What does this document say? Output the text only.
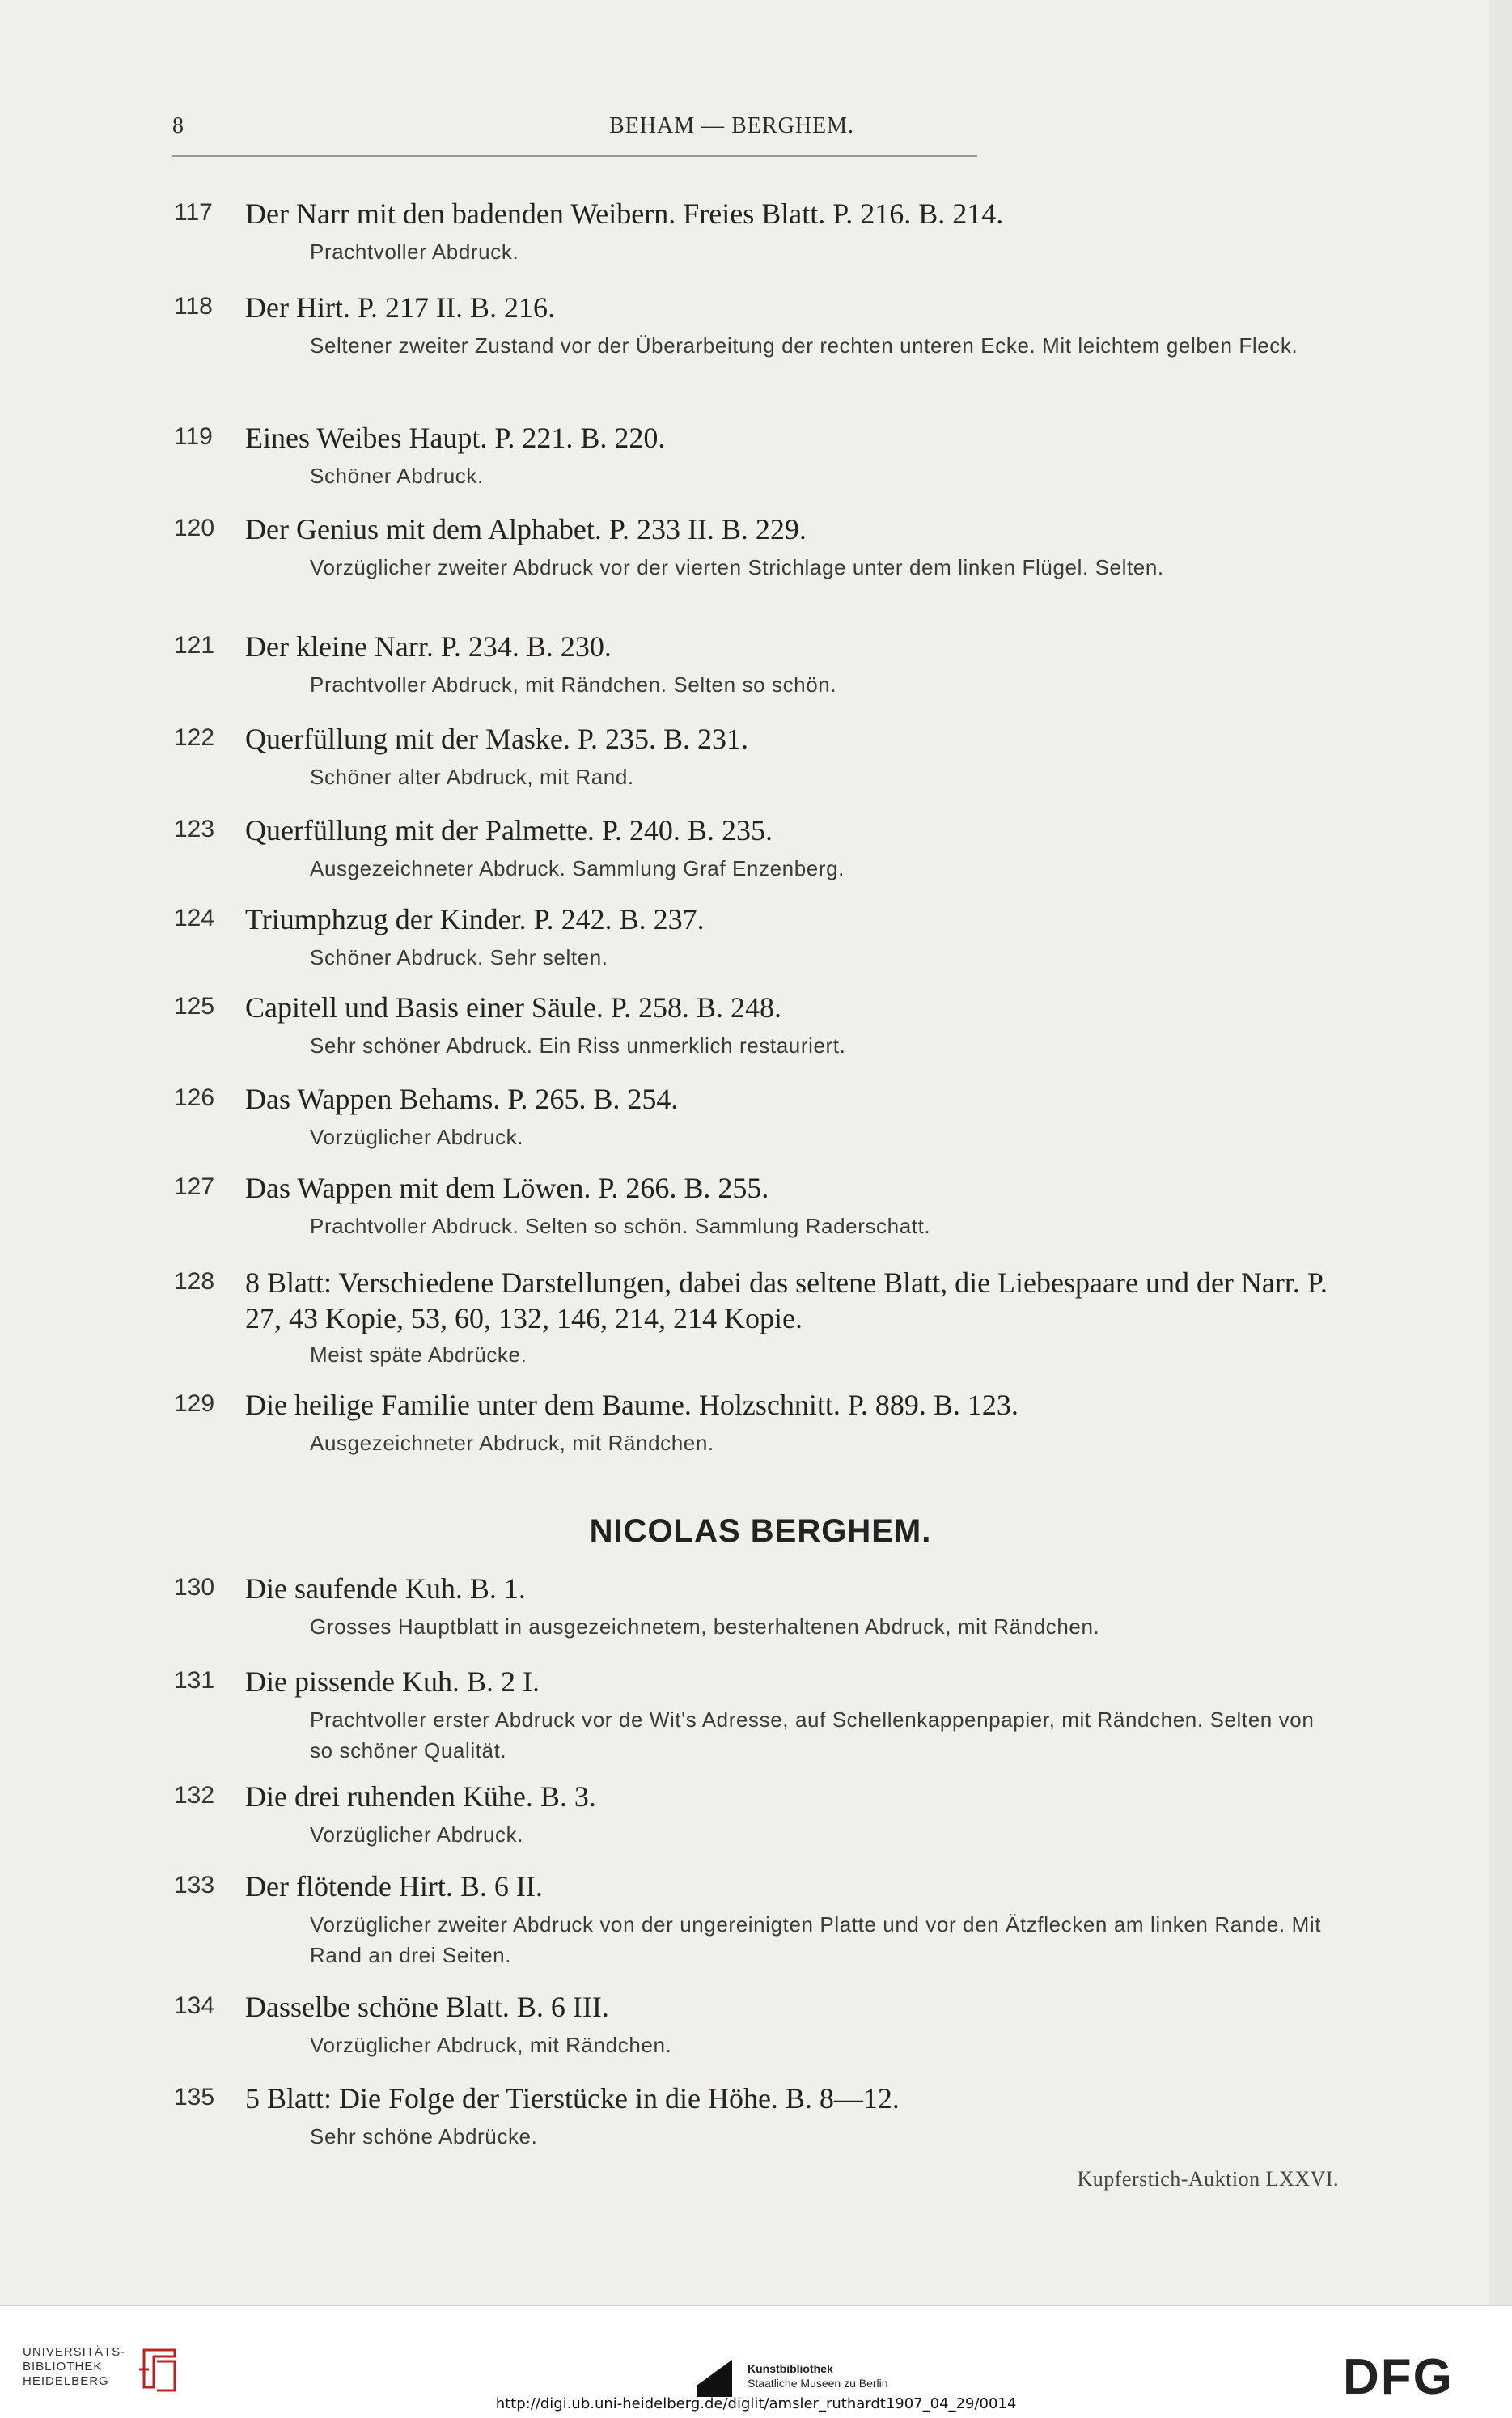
8	BEHAM — BERGHEM.
117	Der Narr mit den badenden Weibern. Freies Blatt. P. 216. B. 214.
Prachtvoller Abdruck.
118	Der Hirt. P. 217 II. B. 216.
Seltener zweiter Zustand vor der Überarbeitung der rechten unteren Ecke. Mit leichtem gelben Fleck.
119	Eines Weibes Haupt. P. 221. B. 220.
Schöner Abdruck.
120	Der Genius mit dem Alphabet. P. 233 II. B. 229.
Vorzüglicher zweiter Abdruck vor der vierten Strichlage unter dem linken Flügel. Selten.
121	Der kleine Narr. P. 234. B. 230.
Prachtvoller Abdruck, mit Rändchen. Selten so schön.
122	Querfüllung mit der Maske. P. 235. B. 231.
Schöner alter Abdruck, mit Rand.
123	Querfüllung mit der Palmette. P. 240. B. 235.
Ausgezeichneter Abdruck. Sammlung Graf Enzenberg.
124	Triumphzug der Kinder. P. 242. B. 237.
Schöner Abdruck. Sehr selten.
125	Capitell und Basis einer Säule. P. 258. B. 248.
Sehr schöner Abdruck. Ein Riss unmerklich restauriert.
126	Das Wappen Behams. P. 265. B. 254.
Vorzüglicher Abdruck.
127	Das Wappen mit dem Löwen. P. 266. B. 255.
Prachtvoller Abdruck. Selten so schön. Sammlung Raderschatt.
128	8 Blatt: Verschiedene Darstellungen, dabei das seltene Blatt, die Liebespaare und der Narr. P. 27, 43 Kopie, 53, 60, 132, 146, 214, 214 Kopie.
Meist späte Abdrücke.
129	Die heilige Familie unter dem Baume. Holzschnitt. P. 889. B. 123.
Ausgezeichneter Abdruck, mit Rändchen.
130	Die saufende Kuh. B. 1.
Grosses Hauptblatt in ausgezeichnetem, besterhaltenen Abdruck, mit Rändchen.
131	Die pissende Kuh. B. 2 I.
Prachtvoller erster Abdruck vor de Wit's Adresse, auf Schellenkappenpapier, mit Rändchen. Selten von so schöner Qualität.
132	Die drei ruhenden Kühe. B. 3.
Vorzüglicher Abdruck.
133	Der flötende Hirt. B. 6 II.
Vorzüglicher zweiter Abdruck von der ungereinigten Platte und vor den Ätzflecken am linken Rande. Mit Rand an drei Seiten.
134	Dasselbe schöne Blatt. B. 6 III.
Vorzüglicher Abdruck, mit Rändchen.
135	5 Blatt: Die Folge der Tierstücke in die Höhe. B. 8—12.
Sehr schöne Abdrücke.
NICOLAS BERGHEM.
Kupferstich-Auktion LXXVI.
UNIVERSITÄTS-
BIBLIOTHEK
HEIDELBERG
Kunstbibliothek
Staatliche Museen zu Berlin	DFG
http://digi.ub.uni-heidelberg.de/diglit/amsler_ruthardt1907_04_29/0014
